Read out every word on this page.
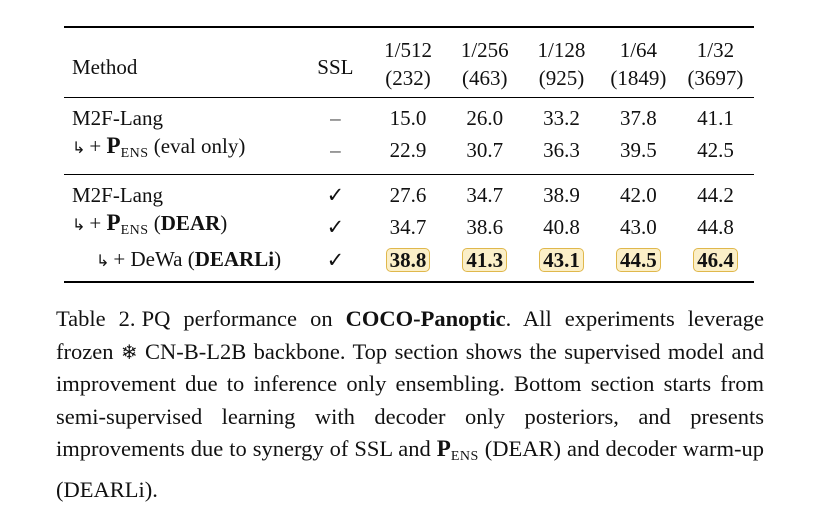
Method	SSL	1/512	1/256	1/128	1/64	1/32
		(232)	(463)	(925)	(1849)	(3697)
M2F-Lang	–	15.0	26.0	33.2	37.8	41.1
↳ + $P_{ENS}$ (eval only)	–	22.9	30.7	36.3	39.5	42.5
M2F-Lang	✓	27.6	34.7	38.9	42.0	44.2
↳ + $P_{ENS}$ (DEAR)	✓	34.7	38.6	40.8	43.0	44.8
↳ + DeWa (DEARLi)	✓	38.8	41.3	43.1	44.5	46.4
Table 2. PQ performance on COCO-Panoptic. All experiments leverage frozen ❄ CN-B-L2B backbone. Top section shows the supervised model and improvement due to inference only ensembling. Bottom section starts from semi-supervised learning with decoder only posteriors, and presents improvements due to synergy of SSL and $P_{ENS}$ (DEAR) and decoder warm-up (DEARLi).
